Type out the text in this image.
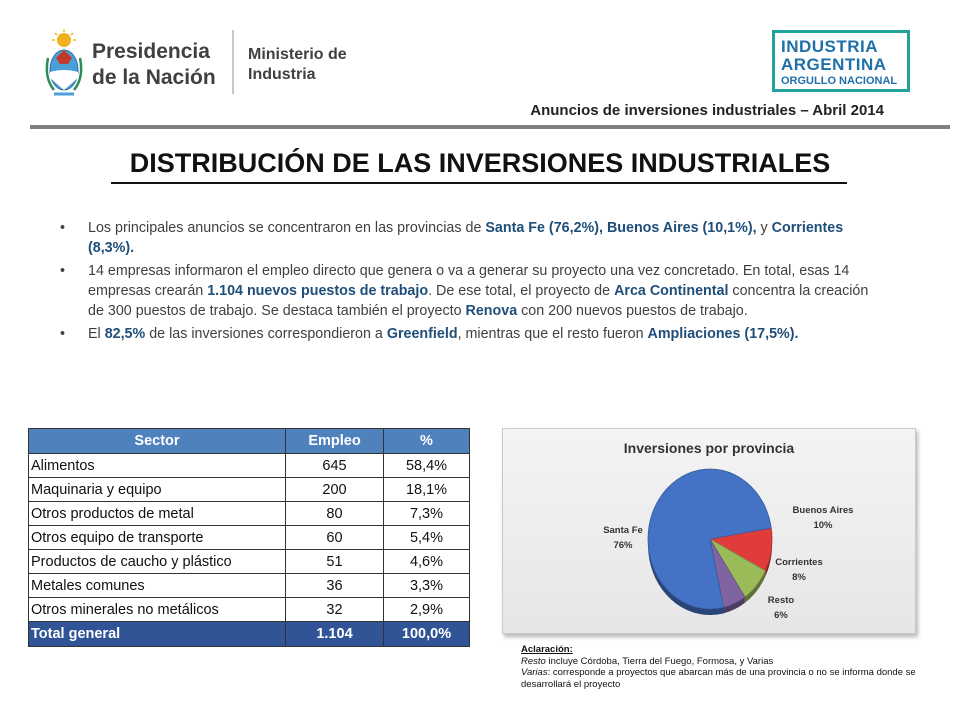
Presidencia
de la Nación
Ministerio de
Industria
INDUSTRIA
ARGENTINA
ORGULLO NACIONAL
Anuncios de inversiones industriales – Abril 2014
DISTRIBUCIÓN DE LAS INVERSIONES INDUSTRIALES
• Los principales anuncios se concentraron en las provincias de Santa Fe (76,2%), Buenos Aires (10,1%), y Corrientes (8,3%).
• 14 empresas informaron el empleo directo que genera o va a generar su proyecto una vez concretado. En total, esas 14 empresas crearán 1.104 nuevos puestos de trabajo. De ese total, el proyecto de Arca Continental concentra la creación de 300 puestos de trabajo. Se destaca también el proyecto Renova con 200 nuevos puestos de trabajo.
• El 82,5% de las inversiones correspondieron a Greenfield, mientras que el resto fueron Ampliaciones (17,5%).
Sector	Empleo	%
Alimentos	645	58,4%
Maquinaria y equipo	200	18,1%
Otros productos de metal	80	7,3%
Otros equipo de transporte	60	5,4%
Productos de caucho y plástico	51	4,6%
Metales comunes	36	3,3%
Otros minerales no metálicos	32	2,9%
Total general	1.104	100,0%
Inversiones por provincia
Santa Fe
76%
Buenos Aires
10%
Corrientes
8%
Resto
6%
Aclaración:
Resto incluye Córdoba, Tierra del Fuego, Formosa, y Varias
Varias: corresponde a proyectos que abarcan más de una provincia o no se informa donde se desarrollará el proyecto
